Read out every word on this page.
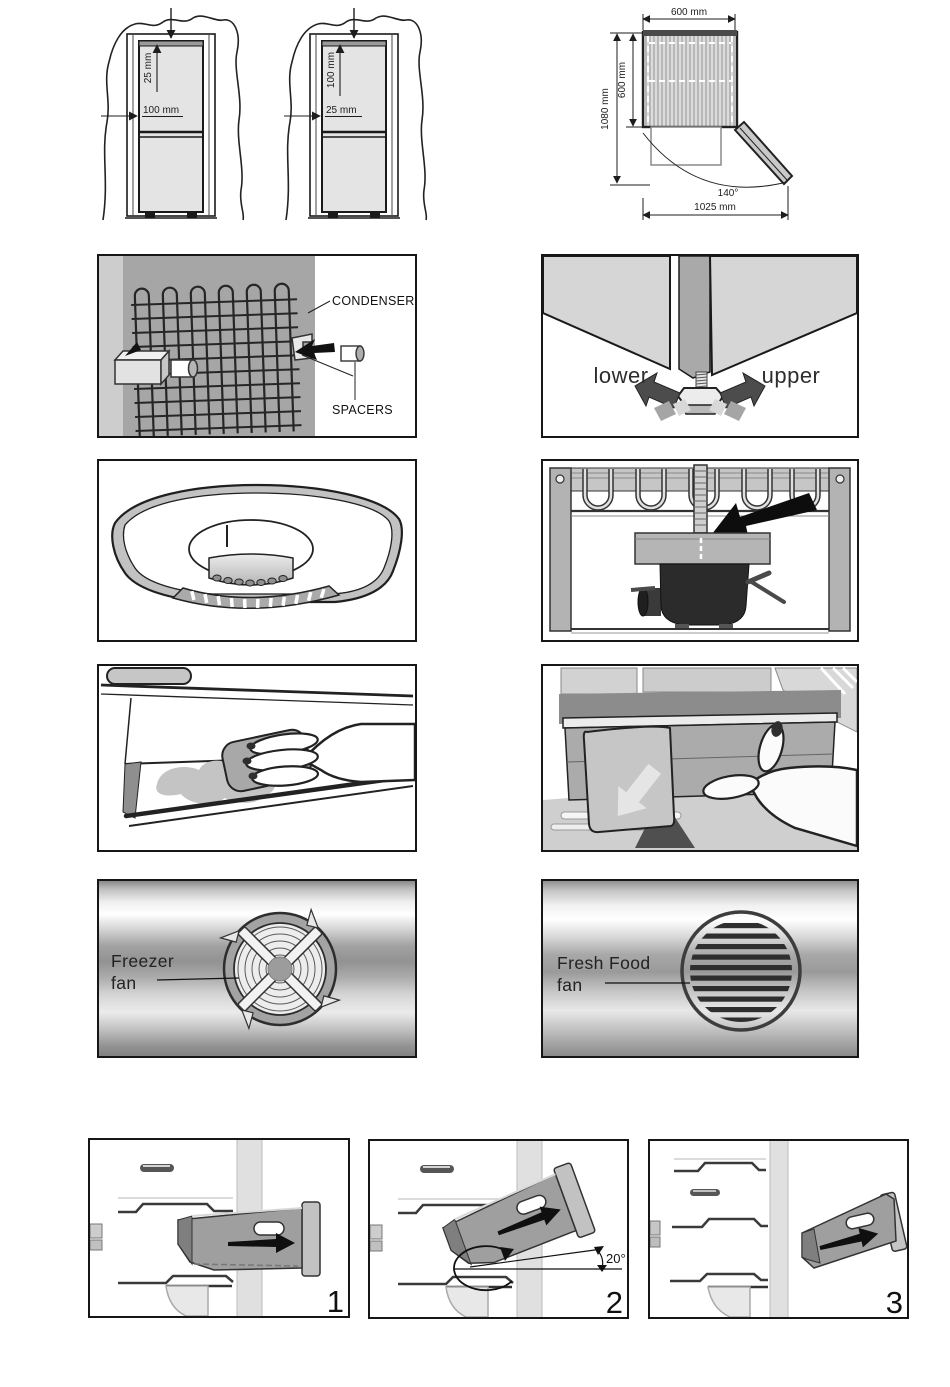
25 mm
100 mm
100 mm
25 mm
140°
600 mm
1080 mm
600 mm
1025 mm
CONDENSER
SPACERS
lower	upper
Freezer
fan
Fresh Food
fan
1
20°
2	3
